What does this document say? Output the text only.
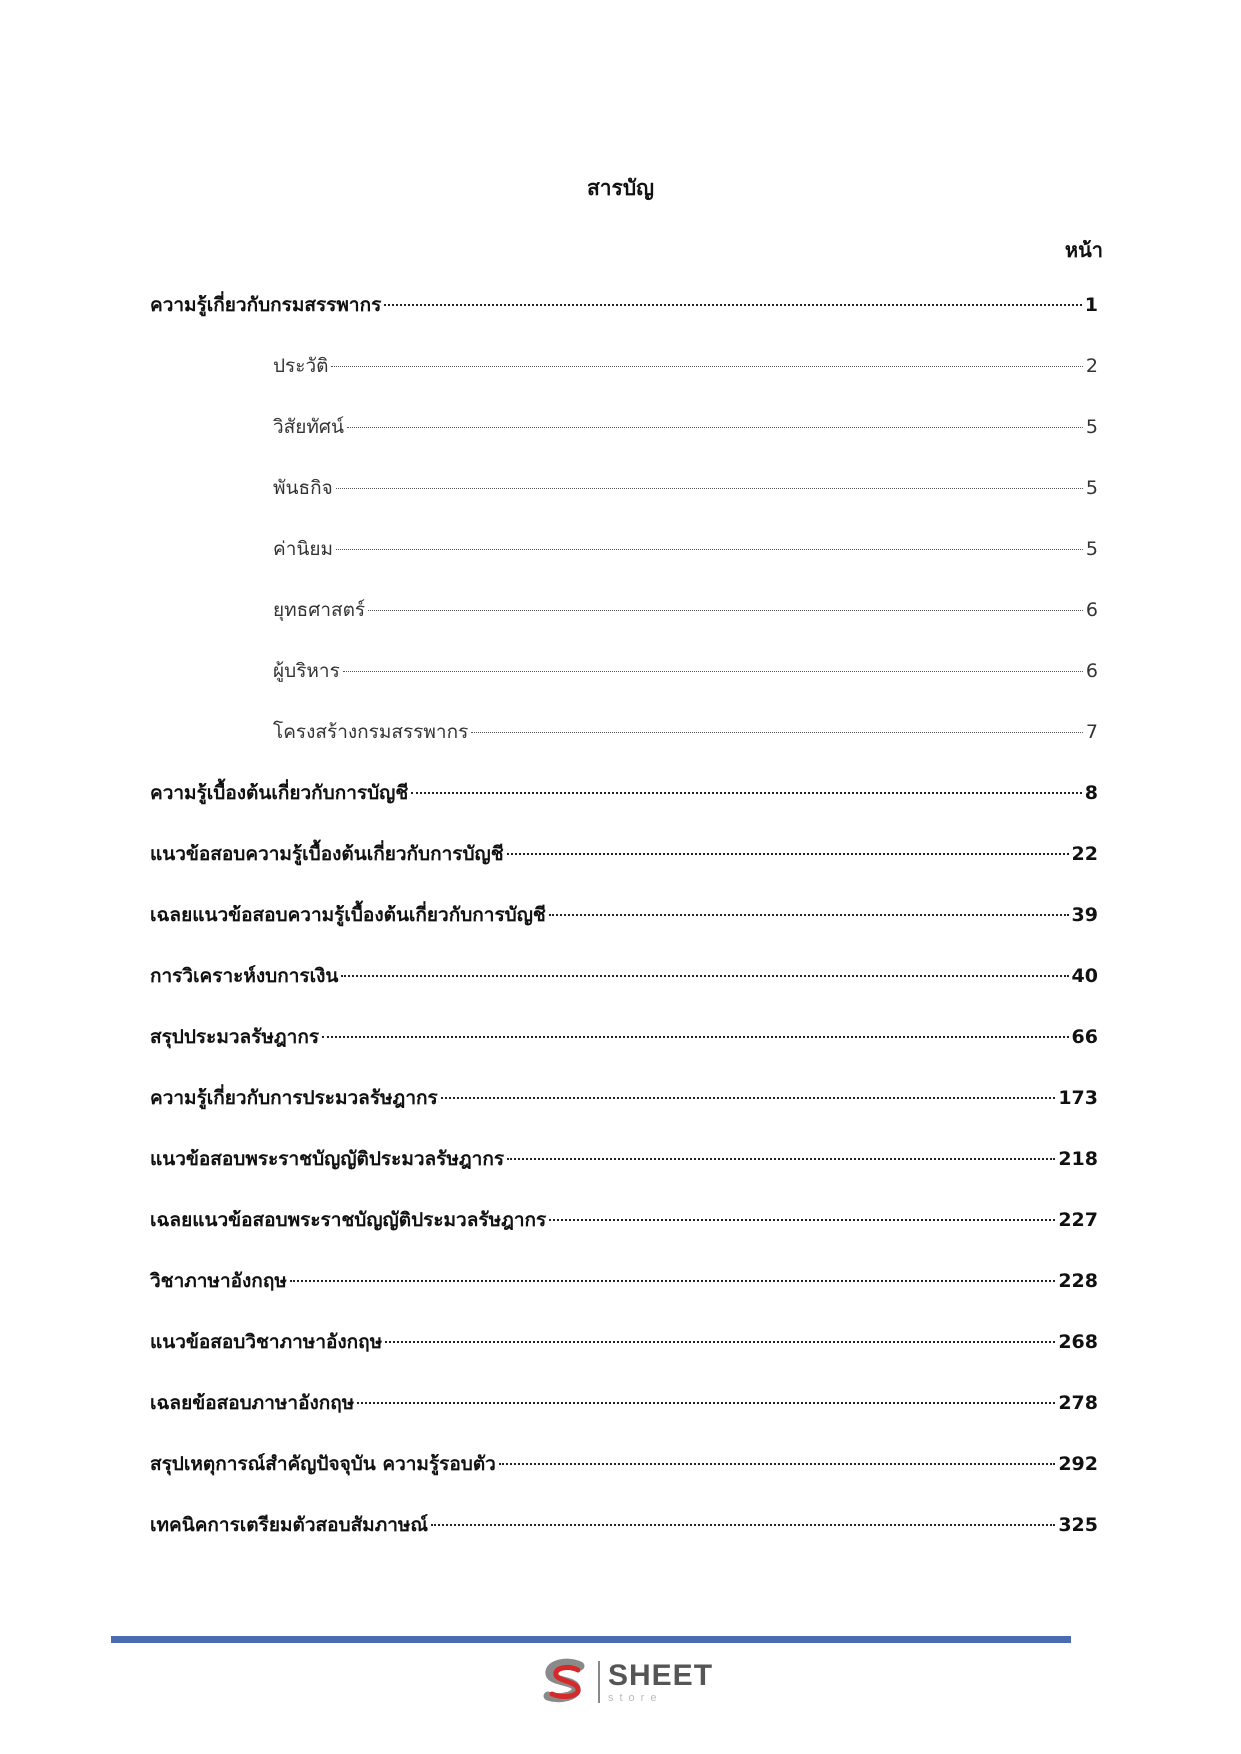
สารบัญ
หน้า
ความรู้เกี่ยวกับกรมสรรพากร	1
ประวัติ	2
วิสัยทัศน์	5
พันธกิจ	5
ค่านิยม	5
ยุทธศาสตร์	6
ผู้บริหาร	6
โครงสร้างกรมสรรพากร	7
ความรู้เบื้องต้นเกี่ยวกับการบัญชี	8
แนวข้อสอบความรู้เบื้องต้นเกี่ยวกับการบัญชี	22
เฉลยแนวข้อสอบความรู้เบื้องต้นเกี่ยวกับการบัญชี	39
การวิเคราะห์งบการเงิน	40
สรุปประมวลรัษฎากร	66
ความรู้เกี่ยวกับการประมวลรัษฎากร	173
แนวข้อสอบพระราชบัญญัติประมวลรัษฎากร	218
เฉลยแนวข้อสอบพระราชบัญญัติประมวลรัษฎากร	227
วิชาภาษาอังกฤษ	228
แนวข้อสอบวิชาภาษาอังกฤษ	268
เฉลยข้อสอบภาษาอังกฤษ	278
สรุปเหตุการณ์สำคัญปัจจุบัน ความรู้รอบตัว	292
เทคนิคการเตรียมตัวสอบสัมภาษณ์	325
SHEET
store
